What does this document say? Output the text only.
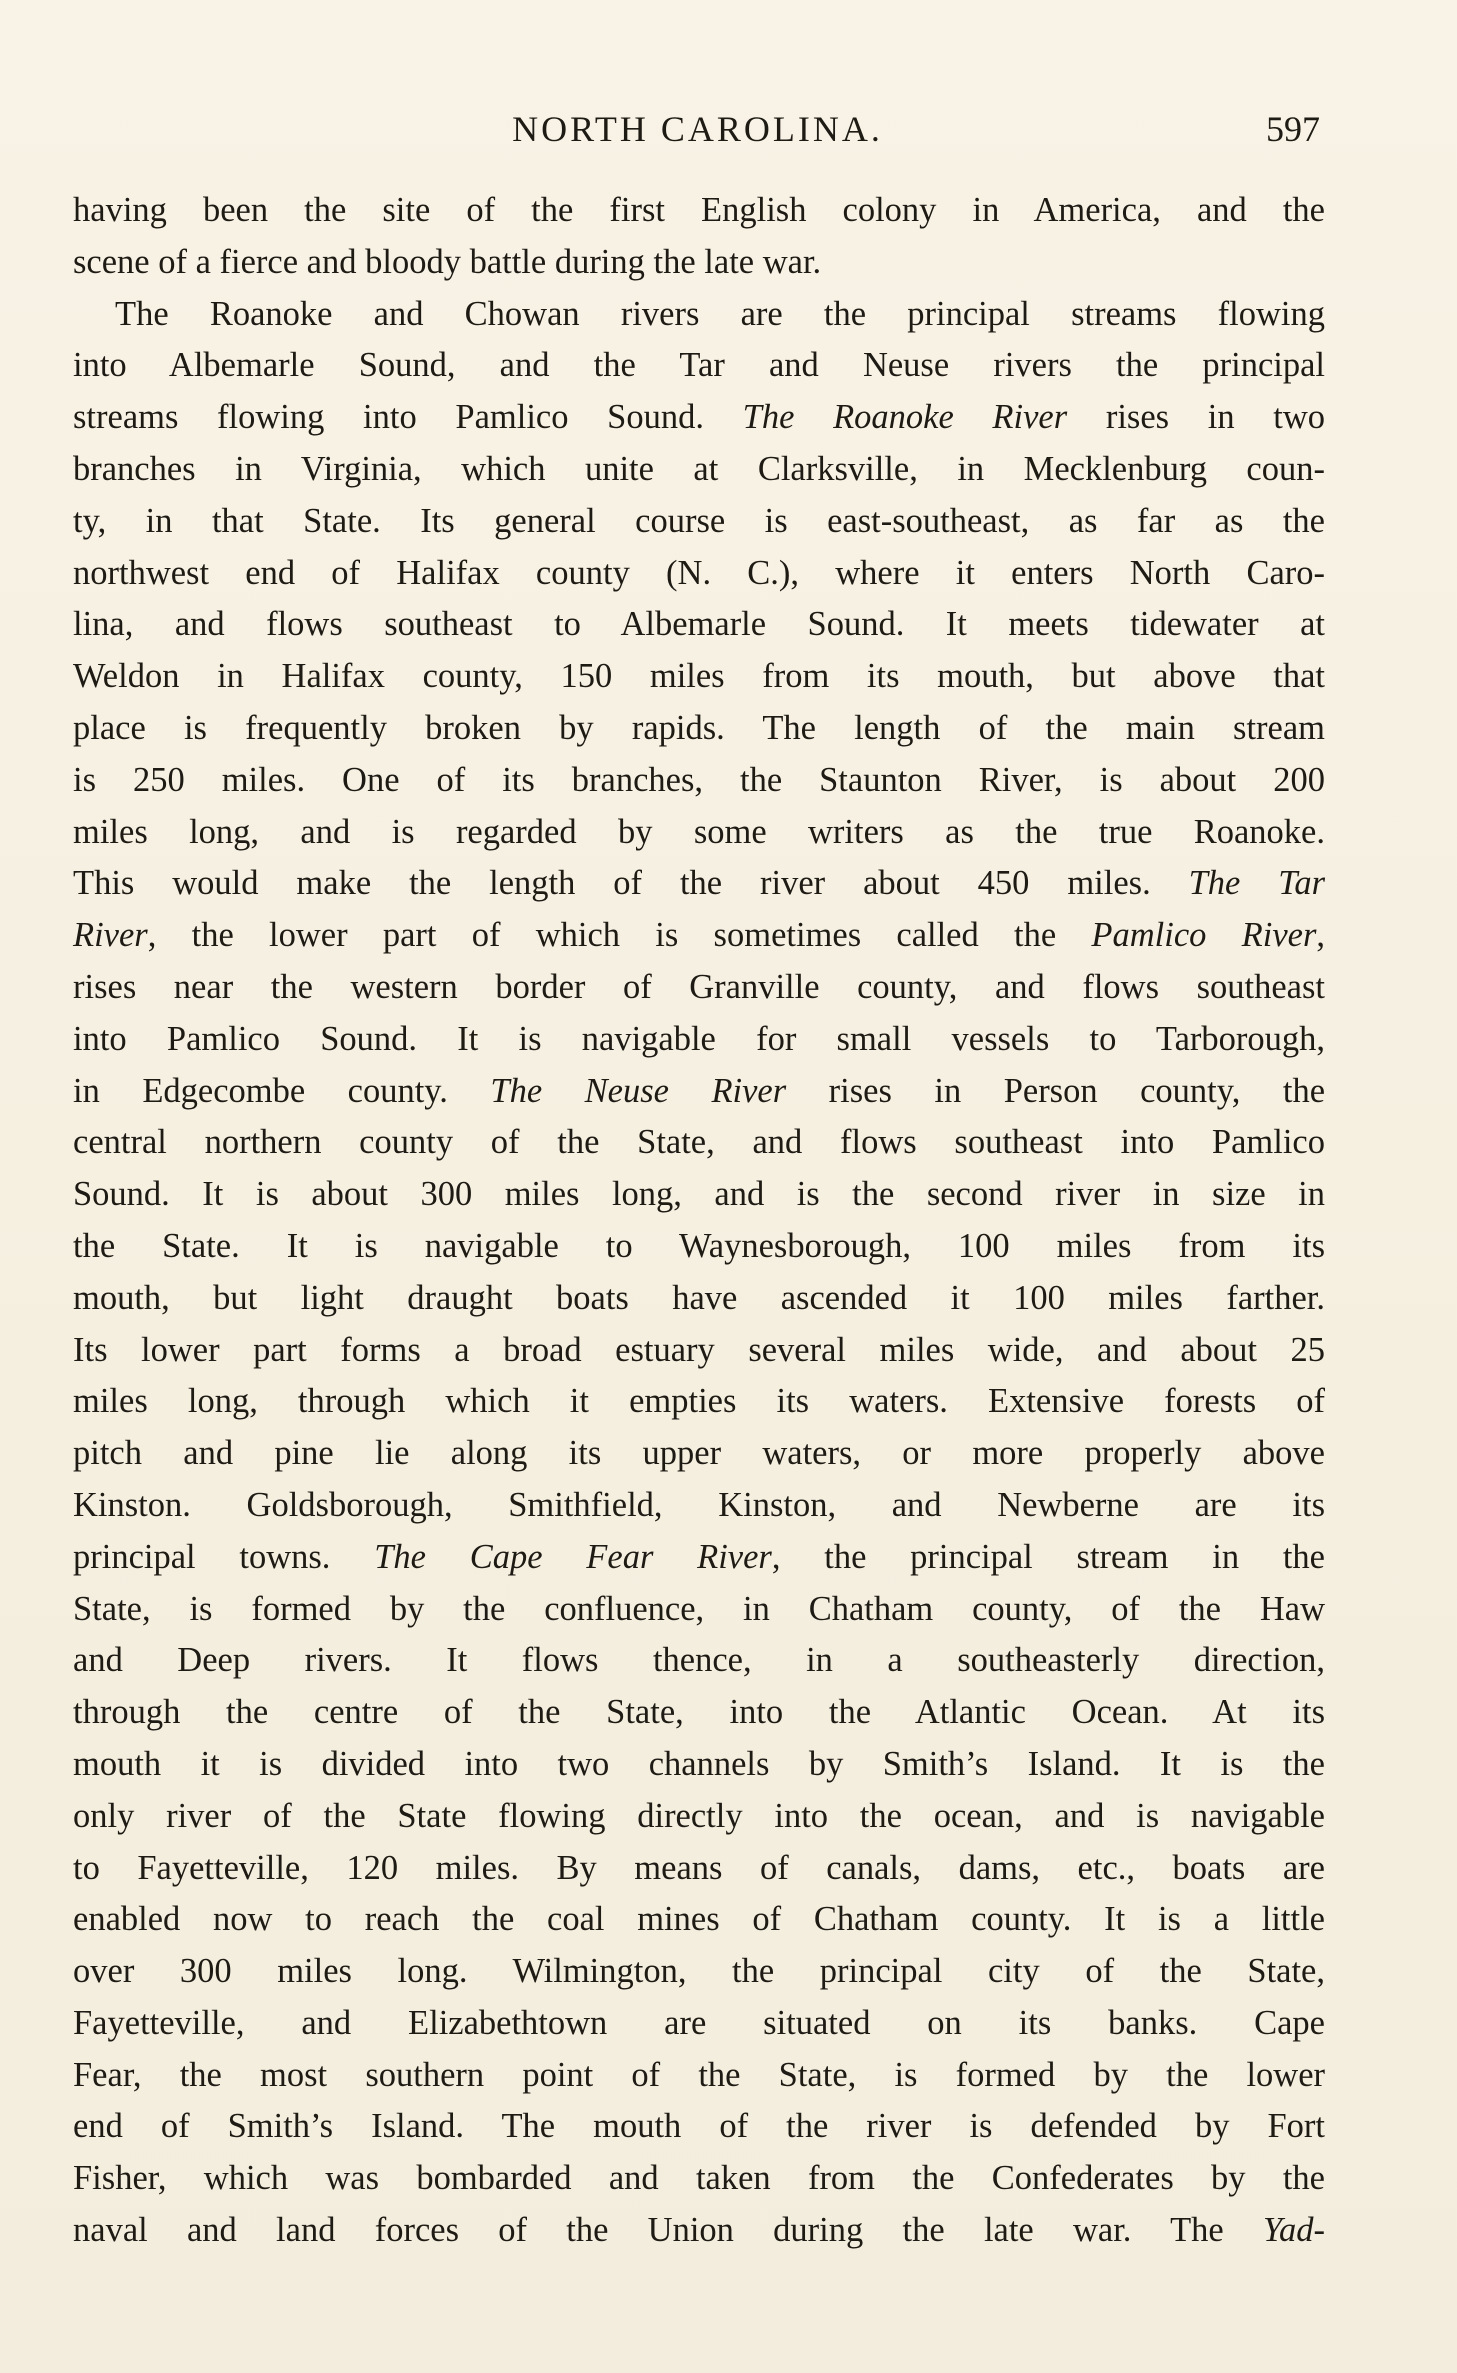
NORTH CAROLINA.	597
having been the site of the first English colony in America, and the
scene of a fierce and bloody battle during the late war.
The Roanoke and Chowan rivers are the principal streams flowing
into Albemarle Sound, and the Tar and Neuse rivers the principal
streams flowing into Pamlico Sound. The Roanoke River rises in two
branches in Virginia, which unite at Clarksville, in Mecklenburg coun-
ty, in that State. Its general course is east-southeast, as far as the
northwest end of Halifax county (N. C.), where it enters North Caro-
lina, and flows southeast to Albemarle Sound. It meets tidewater at
Weldon in Halifax county, 150 miles from its mouth, but above that
place is frequently broken by rapids. The length of the main stream
is 250 miles. One of its branches, the Staunton River, is about 200
miles long, and is regarded by some writers as the true Roanoke.
This would make the length of the river about 450 miles. The Tar
River, the lower part of which is sometimes called the Pamlico River,
rises near the western border of Granville county, and flows southeast
into Pamlico Sound. It is navigable for small vessels to Tarborough,
in Edgecombe county. The Neuse River rises in Person county, the
central northern county of the State, and flows southeast into Pamlico
Sound. It is about 300 miles long, and is the second river in size in
the State. It is navigable to Waynesborough, 100 miles from its
mouth, but light draught boats have ascended it 100 miles farther.
Its lower part forms a broad estuary several miles wide, and about 25
miles long, through which it empties its waters. Extensive forests of
pitch and pine lie along its upper waters, or more properly above
Kinston. Goldsborough, Smithfield, Kinston, and Newberne are its
principal towns. The Cape Fear River, the principal stream in the
State, is formed by the confluence, in Chatham county, of the Haw
and Deep rivers. It flows thence, in a southeasterly direction,
through the centre of the State, into the Atlantic Ocean. At its
mouth it is divided into two channels by Smith’s Island. It is the
only river of the State flowing directly into the ocean, and is navigable
to Fayetteville, 120 miles. By means of canals, dams, etc., boats are
enabled now to reach the coal mines of Chatham county. It is a little
over 300 miles long. Wilmington, the principal city of the State,
Fayetteville, and Elizabethtown are situated on its banks. Cape
Fear, the most southern point of the State, is formed by the lower
end of Smith’s Island. The mouth of the river is defended by Fort
Fisher, which was bombarded and taken from the Confederates by the
naval and land forces of the Union during the late war. The Yad-
